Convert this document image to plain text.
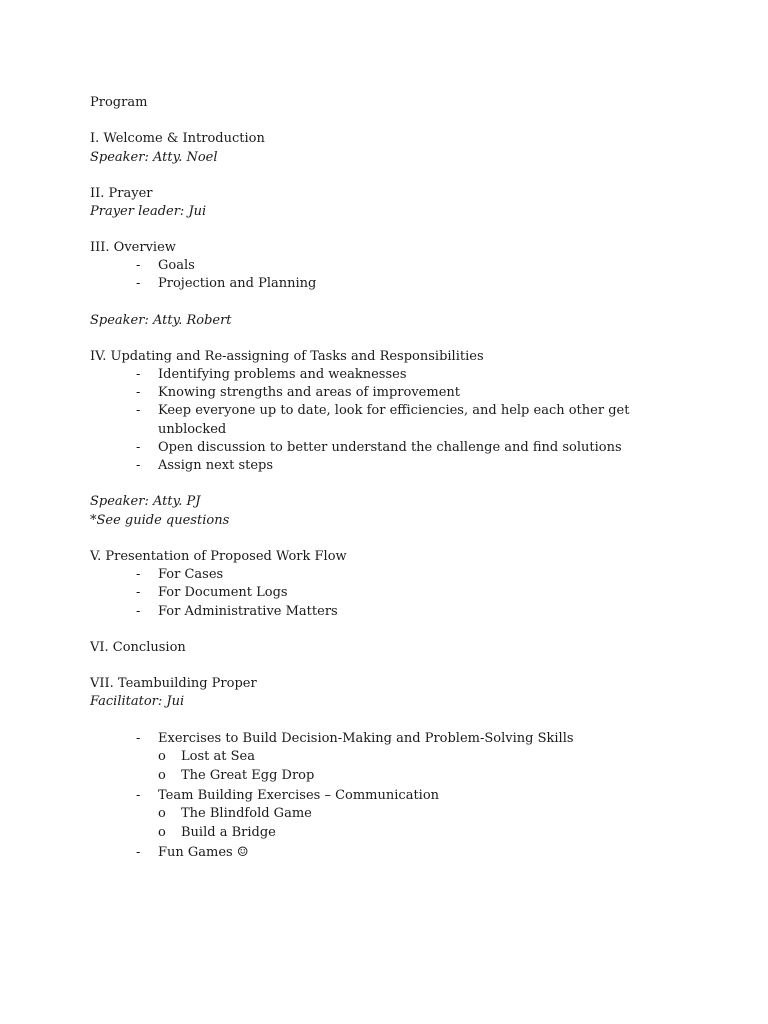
Program
I. Welcome & Introduction
Speaker: Atty. Noel
II. Prayer
Prayer leader: Jui
III. Overview
- Goals
- Projection and Planning
Speaker: Atty. Robert
IV. Updating and Re-assigning of Tasks and Responsibilities
- Identifying problems and weaknesses
- Knowing strengths and areas of improvement
- Keep everyone up to date, look for efficiencies, and help each other get
unblocked
- Open discussion to better understand the challenge and find solutions
- Assign next steps
Speaker: Atty. PJ
*See guide questions
V. Presentation of Proposed Work Flow
- For Cases
- For Document Logs
- For Administrative Matters
VI. Conclusion
VII. Teambuilding Proper
Facilitator: Jui
- Exercises to Build Decision-Making and Problem-Solving Skills
o Lost at Sea
o The Great Egg Drop
- Team Building Exercises – Communication
o The Blindfold Game
o Build a Bridge
- Fun Games ☺
